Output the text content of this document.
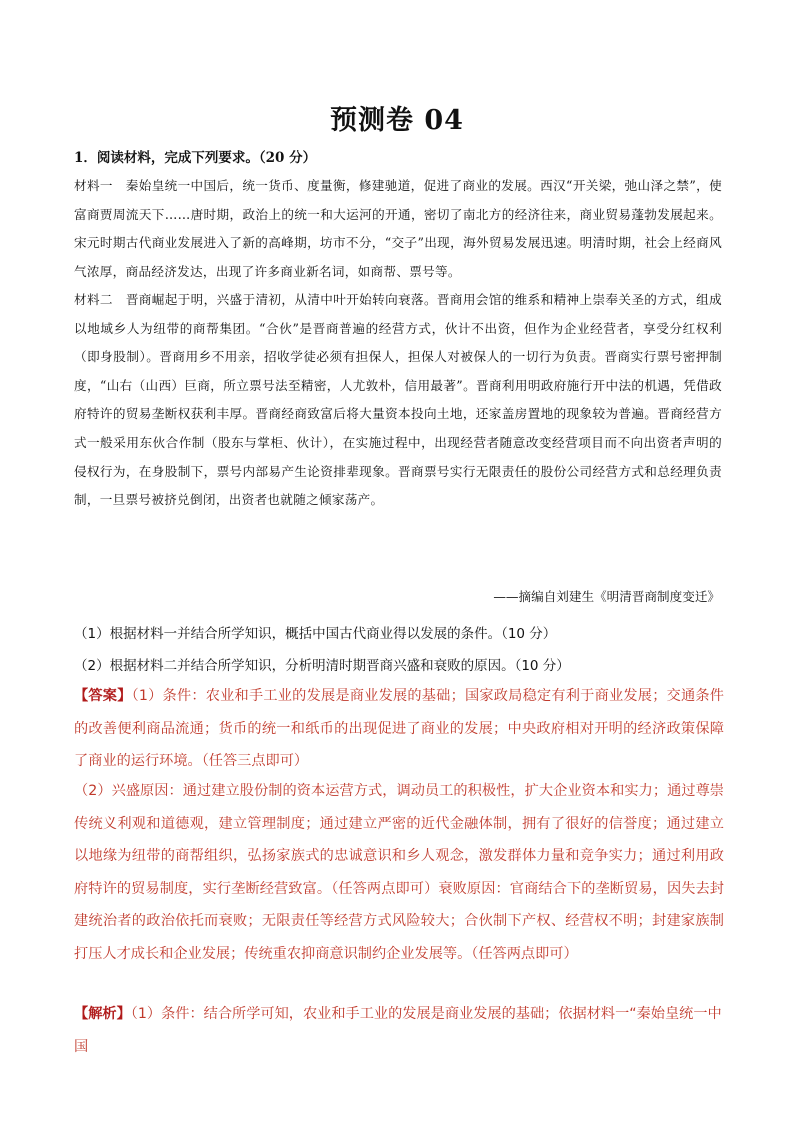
预测卷 04
1．阅读材料，完成下列要求。（20 分）
材料一　秦始皇统一中国后，统一货币、度量衡，修建驰道，促进了商业的发展。西汉“开关梁，弛山泽之禁”，使富商贾周流天下……唐时期，政治上的统一和大运河的开通，密切了南北方的经济往来，商业贸易蓬勃发展起来。宋元时期古代商业发展进入了新的高峰期，坊市不分，“交子”出现，海外贸易发展迅速。明清时期，社会上经商风气浓厚，商品经济发达，出现了许多商业新名词，如商帮、票号等。
材料二　晋商崛起于明，兴盛于清初，从清中叶开始转向衰落。晋商用会馆的维系和精神上崇奉关圣的方式，组成以地域乡人为纽带的商帮集团。“合伙”是晋商普遍的经营方式，伙计不出资，但作为企业经营者，享受分红权利（即身股制）。晋商用乡不用亲，招收学徒必须有担保人，担保人对被保人的一切行为负责。晋商实行票号密押制度，“山右（山西）巨商，所立票号法至精密，人尤敦朴，信用最著”。晋商利用明政府施行开中法的机遇，凭借政府特许的贸易垄断权获利丰厚。晋商经商致富后将大量资本投向土地，还家盖房置地的现象较为普遍。晋商经营方式一般采用东伙合作制（股东与掌柜、伙计），在实施过程中，出现经营者随意改变经营项目而不向出资者声明的侵权行为，在身股制下，票号内部易产生论资排辈现象。晋商票号实行无限责任的股份公司经营方式和总经理负责制，一旦票号被挤兑倒闭，出资者也就随之倾家荡产。
——摘编自刘建生《明清晋商制度变迁》
（1）根据材料一并结合所学知识，概括中国古代商业得以发展的条件。（10 分）
（2）根据材料二并结合所学知识，分析明清时期晋商兴盛和衰败的原因。（10 分）
【答案】（1）条件：农业和手工业的发展是商业发展的基础；国家政局稳定有利于商业发展；交通条件的改善便利商品流通；货币的统一和纸币的出现促进了商业的发展；中央政府相对开明的经济政策保障了商业的运行环境。（任答三点即可）
（2）兴盛原因：通过建立股份制的资本运营方式，调动员工的积极性，扩大企业资本和实力；通过尊崇传统义利观和道德观，建立管理制度；通过建立严密的近代金融体制，拥有了很好的信誉度；通过建立以地缘为纽带的商帮组织，弘扬家族式的忠诚意识和乡人观念，激发群体力量和竞争实力；通过利用政府特许的贸易制度，实行垄断经营致富。（任答两点即可）衰败原因：官商结合下的垄断贸易，因失去封建统治者的政治依托而衰败；无限责任等经营方式风险较大；合伙制下产权、经营权不明；封建家族制打压人才成长和企业发展；传统重农抑商意识制约企业发展等。（任答两点即可）
【解析】（1）条件：结合所学可知，农业和手工业的发展是商业发展的基础；依据材料一“秦始皇统一中国
